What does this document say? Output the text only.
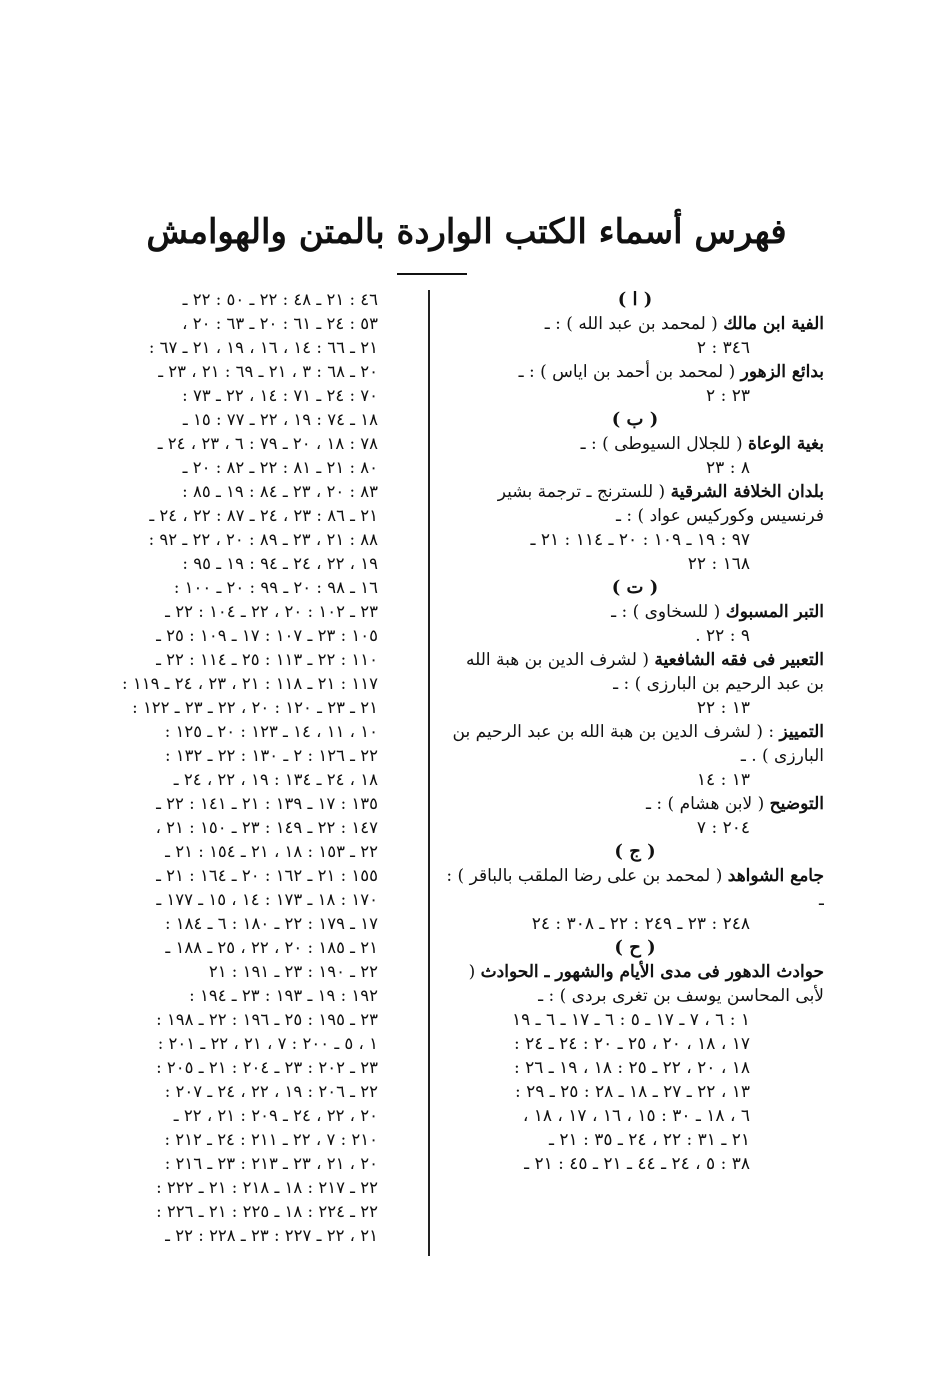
فهرس أسماء الكتب الواردة بالمتن والهوامش
( ا )
الفية ابن مالك ( لمحمد بن عبد الله ) : ـ
٣٤٦ : ٢
بدائع الزهور ( لمحمد بن أحمد بن اياس ) : ـ
٢٣ : ٢
( ب )
بغية الوعاة ( للجلال السيوطى ) : ـ
٨ : ٢٣
بلدان الخلافة الشرقية ( للسترنج ـ ترجمة بشير فرنسيس وكوركيس عواد ) : ـ
٩٧ : ١٩ ـ ١٠٩ : ٢٠ ـ ١١٤ : ٢١ ـ
١٦٨ : ٢٢
( ت )
التبر المسبوك ( للسخاوى ) : ـ
٩ : ٢٢ .
التعبير فى فقه الشافعية ( لشرف الدين بن هبة الله بن عبد الرحيم بن البارزى ) : ـ
١٣ : ٢٢
التمييز : ( لشرف الدين بن هبة الله بن عبد الرحيم بن البارزى ) . ـ
١٣ : ١٤
التوضيح ( لابن هشام ) : ـ
٢٠٤ : ٧
( ج )
جامع الشواهد ( لمحمد بن على رضا الملقب بالباقر ) : ـ
٢٤٨ : ٢٣ ـ ٢٤٩ : ٢٢ ـ ٣٠٨ : ٢٤
( ح )
حوادث الدهور فى مدى الأيام والشهور ـ الحوادث ( لأبى المحاسن يوسف بن تغرى بردى ) : ـ
١ : ٦ ، ٧ ـ ١٧ ـ ٥ : ٦ ـ ١٧ ـ ٦ ـ ١٩
١٧ ، ١٨ ، ٢٠ ، ٢٥ ـ ٢٠ : ٢٤ ـ ٢٤ :
١٨ ، ٢٠ ، ٢٢ ـ ٢٥ : ١٨ ، ١٩ ـ ٢٦ :
١٣ ، ٢٢ ـ ٢٧ ـ ١٨ ـ ٢٨ : ٢٥ ـ ٢٩ :
٦ ، ١٨ ـ ٣٠ : ١٥ ، ١٦ ، ١٧ ، ١٨ ،
٢١ ـ ٣١ : ٢٢ ، ٢٤ ـ ٣٥ : ٢١ ـ
٣٨ : ٥ ، ٢٤ ـ ٤٤ ـ ٢١ ـ ٤٥ : ٢١ ـ
٤٦ : ٢١ ـ ٤٨ : ٢٢ ـ ٥٠ : ٢٢ ـ
٥٣ : ٢٤ ـ ٦١ : ٢٠ ـ ٦٣ : ٢٠ ،
٢١ ـ ٦٦ : ١٤ ، ١٦ ، ١٩ ، ٢١ ـ ٦٧ :
٢٠ ـ ٦٨ : ٣ ، ٢١ ـ ٦٩ : ٢١ ، ٢٣ ـ
٧٠ : ٢٤ ـ ٧١ : ١٤ ، ٢٢ ـ ٧٣ :
١٨ ـ ٧٤ : ١٩ ، ٢٢ ـ ٧٧ : ١٥ ـ
٧٨ : ١٨ ، ٢٠ ـ ٧٩ : ٦ ، ٢٣ ، ٢٤ ـ
٨٠ : ٢١ ـ ٨١ : ٢٢ ـ ٨٢ : ٢٠ ـ
٨٣ : ٢٠ ، ٢٣ ـ ٨٤ : ١٩ ـ ٨٥ :
٢١ ـ ٨٦ : ٢٣ ، ٢٤ ـ ٨٧ : ٢٢ ، ٢٤ ـ
٨٨ : ٢١ ، ٢٣ ـ ٨٩ : ٢٠ ، ٢٢ ـ ٩٢ :
١٩ ، ٢٢ ، ٢٤ ـ ٩٤ : ١٩ ـ ٩٥ :
١٦ ـ ٩٨ : ٢٠ ـ ٩٩ : ٢٠ ـ ١٠٠ :
٢٣ ـ ١٠٢ : ٢٠ ، ٢٢ ـ ١٠٤ : ٢٢ ـ
١٠٥ : ٢٣ ـ ١٠٧ : ١٧ ـ ١٠٩ : ٢٥ ـ
١١٠ : ٢٢ ـ ١١٣ : ٢٥ ـ ١١٤ : ٢٢ ـ
١١٧ : ٢١ ـ ١١٨ : ٢١ ، ٢٣ ، ٢٤ ـ ١١٩ :
٢١ ـ ٢٣ ـ ١٢٠ : ٢٠ ، ٢٢ ـ ٢٣ ـ ١٢٢ :
١٠ ، ١١ ، ١٤ ـ ١٢٣ : ٢٠ ـ ١٢٥ :
٢٢ ـ ١٢٦ : ٢ ـ ١٣٠ : ٢٢ ـ ١٣٢ :
١٨ ، ٢٤ ـ ١٣٤ : ١٩ ، ٢٢ ، ٢٤ ـ
١٣٥ : ١٧ ـ ١٣٩ : ٢١ ـ ١٤١ : ٢٢ ـ
١٤٧ : ٢٢ ـ ١٤٩ : ٢٣ ـ ١٥٠ : ٢١ ،
٢٢ ـ ١٥٣ : ١٨ ، ٢١ ـ ١٥٤ : ٢١ ـ
١٥٥ : ٢١ ـ ١٦٢ : ٢٠ ـ ١٦٤ : ٢١ ـ
١٧٠ : ١٨ ـ ١٧٣ : ١٤ ، ١٥ ـ ١٧٧ ـ
١٧ ـ ١٧٩ : ٢٢ ـ ١٨٠ : ٦ ـ ١٨٤ :
٢١ ـ ١٨٥ : ٢٠ ، ٢٢ ، ٢٥ ـ ١٨٨ ـ
٢٢ ـ ١٩٠ : ٢٣ ـ ١٩١ : ٢١
١٩٢ : ١٩ ـ ١٩٣ : ٢٣ ـ ١٩٤ :
٢٣ ـ ١٩٥ : ٢٥ ـ ١٩٦ : ٢٢ ـ ١٩٨ :
١ ، ٥ ـ ٢٠٠ : ٧ ، ٢١ ، ٢٢ ـ ٢٠١ :
٢٣ ـ ٢٠٢ : ٢٣ ـ ٢٠٤ : ٢١ ـ ٢٠٥ :
٢٢ ـ ٢٠٦ : ١٩ ، ٢٢ ، ٢٤ ـ ٢٠٧ :
٢٠ ، ٢٢ ، ٢٤ ـ ٢٠٩ : ٢١ ، ٢٢ ـ
٢١٠ : ٧ ، ٢٢ ـ ٢١١ : ٢٤ ـ ٢١٢ :
٢٠ ، ٢١ ، ٢٣ ـ ٢١٣ : ٢٣ ـ ٢١٦ :
٢٢ ـ ٢١٧ : ١٨ ـ ٢١٨ : ٢١ ـ ٢٢٢ :
٢٢ ـ ٢٢٤ : ١٨ ـ ٢٢٥ : ٢١ ـ ٢٢٦ :
٢١ ، ٢٢ ـ ٢٢٧ : ٢٣ ـ ٢٢٨ : ٢٢ ـ
